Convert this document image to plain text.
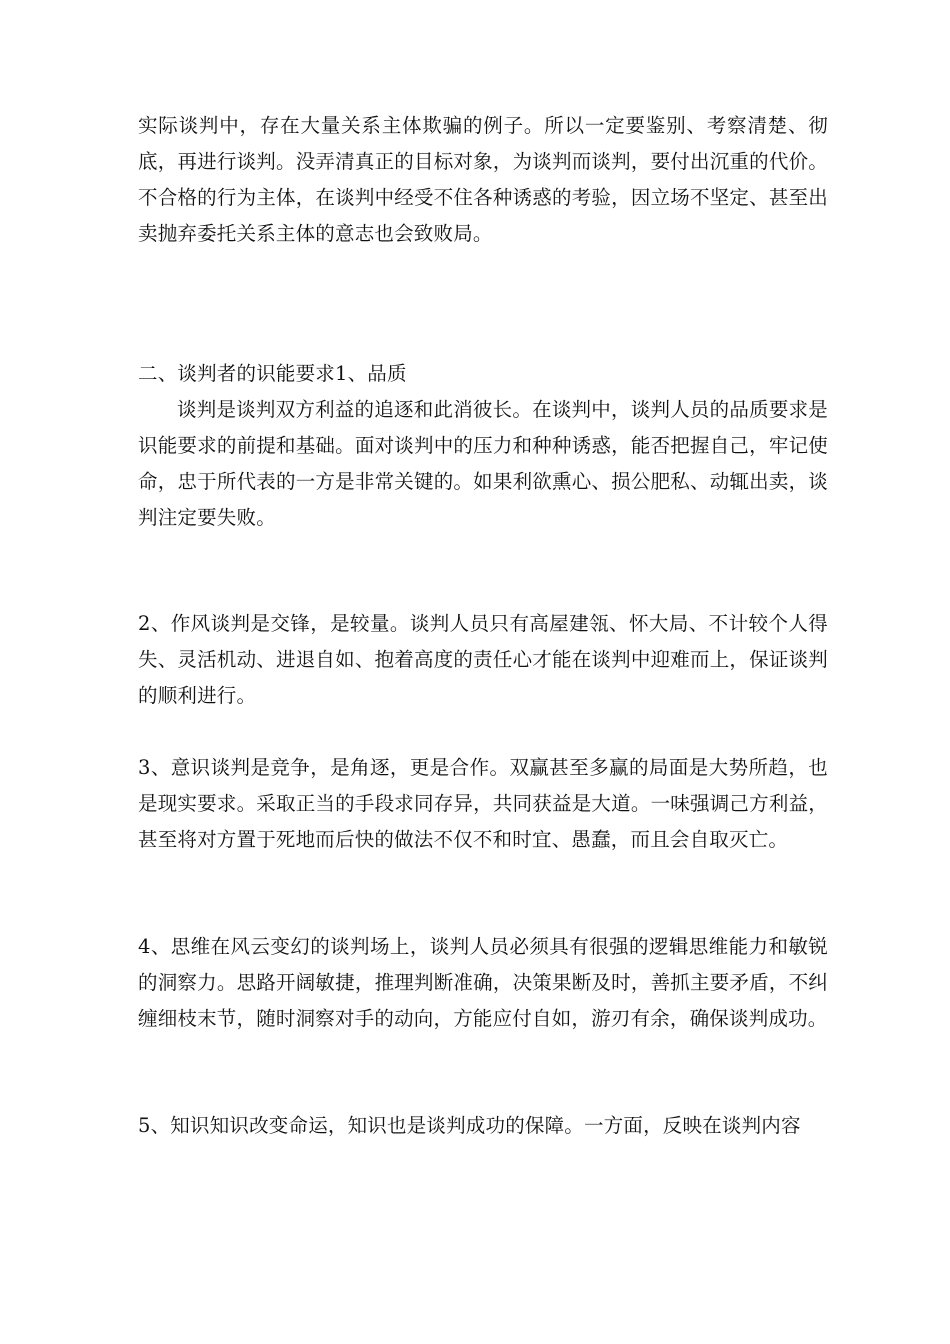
实际谈判中，存在大量关系主体欺骗的例子。所以一定要鉴别、考察清楚、彻底，再进行谈判。没弄清真正的目标对象，为谈判而谈判，要付出沉重的代价。不合格的行为主体，在谈判中经受不住各种诱惑的考验，因立场不坚定、甚至出卖抛弃委托关系主体的意志也会致败局。

二、谈判者的识能要求1、品质

谈判是谈判双方利益的追逐和此消彼长。在谈判中，谈判人员的品质要求是识能要求的前提和基础。面对谈判中的压力和种种诱惑，能否把握自己，牢记使命，忠于所代表的一方是非常关键的。如果利欲熏心、损公肥私、动辄出卖，谈判注定要失败。

2、作风谈判是交锋，是较量。谈判人员只有高屋建瓴、怀大局、不计较个人得失、灵活机动、进退自如、抱着高度的责任心才能在谈判中迎难而上，保证谈判的顺利进行。

3、意识谈判是竞争，是角逐，更是合作。双赢甚至多赢的局面是大势所趋，也是现实要求。采取正当的手段求同存异，共同获益是大道。一味强调己方利益，甚至将对方置于死地而后快的做法不仅不和时宜、愚蠢，而且会自取灭亡。

4、思维在风云变幻的谈判场上，谈判人员必须具有很强的逻辑思维能力和敏锐的洞察力。思路开阔敏捷，推理判断准确，决策果断及时，善抓主要矛盾，不纠缠细枝末节，随时洞察对手的动向，方能应付自如，游刃有余，确保谈判成功。

5、知识知识改变命运，知识也是谈判成功的保障。一方面，反映在谈判内容
